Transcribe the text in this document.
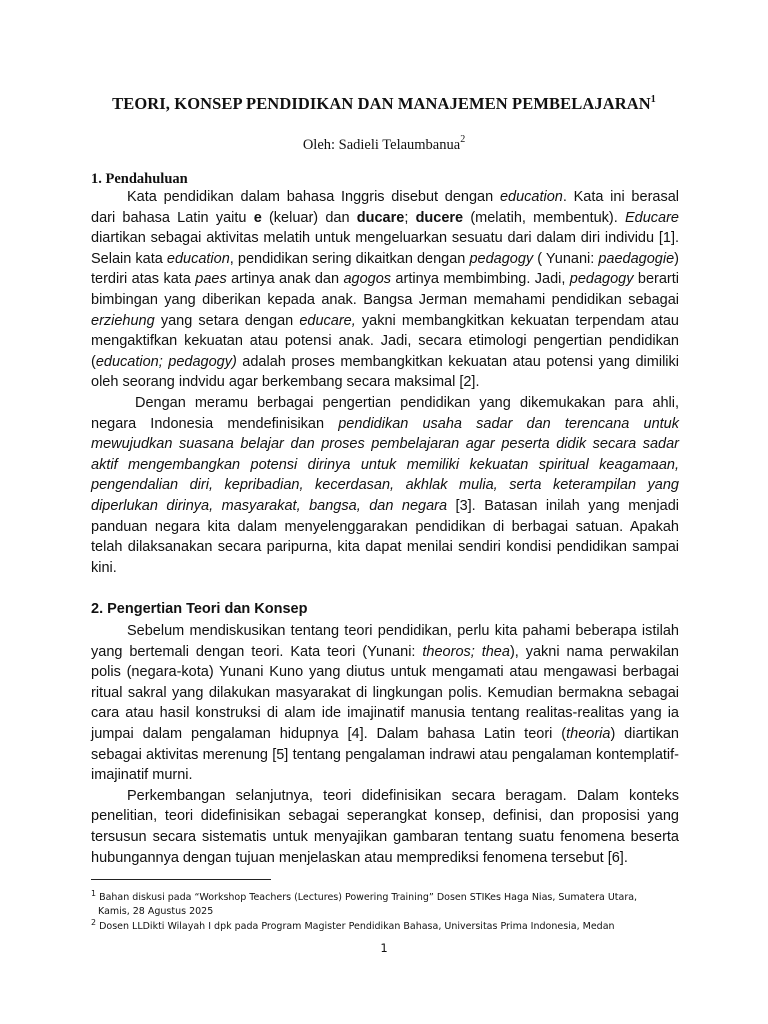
TEORI, KONSEP PENDIDIKAN DAN MANAJEMEN PEMBELAJARAN$^1$
Oleh: Sadieli Telaumbanua$^2$
1. Pendahuluan

Kata pendidikan dalam bahasa Inggris disebut dengan education. Kata ini berasal dari bahasa Latin yaitu e (keluar) dan ducare; ducere (melatih, membentuk). Educare diartikan sebagai aktivitas melatih untuk mengeluarkan sesuatu dari dalam diri individu [1]. Selain kata education, pendidikan sering dikaitkan dengan pedagogy ( Yunani: paedagogie) terdiri atas kata paes artinya anak dan agogos artinya membimbing. Jadi, pedagogy berarti bimbingan yang diberikan kepada anak. Bangsa Jerman memahami pendidikan sebagai erziehung yang setara dengan educare, yakni membangkitkan kekuatan terpendam atau mengaktifkan kekuatan atau potensi anak. Jadi, secara etimologi pengertian pendidikan (education; pedagogy) adalah proses membangkitkan kekuatan atau potensi yang dimiliki oleh seorang indvidu agar berkembang secara maksimal [2].

Dengan meramu berbagai pengertian pendidikan yang dikemukakan para ahli, negara Indonesia mendefinisikan pendidikan usaha sadar dan terencana untuk mewujudkan suasana belajar dan proses pembelajaran agar peserta didik secara sadar aktif mengembangkan potensi dirinya untuk memiliki kekuatan spiritual keagamaan, pengendalian diri, kepribadian, kecerdasan, akhlak mulia, serta keterampilan yang diperlukan dirinya, masyarakat, bangsa, dan negara [3]. Batasan inilah yang menjadi panduan negara kita dalam menyelenggarakan pendidikan di berbagai satuan. Apakah telah dilaksanakan secara paripurna, kita dapat menilai sendiri kondisi pendidikan sampai kini.

2. Pengertian Teori dan Konsep

Sebelum mendiskusikan tentang teori pendidikan, perlu kita pahami beberapa istilah yang bertemali dengan teori. Kata teori (Yunani: theoros; thea), yakni nama perwakilan polis (negara-kota) Yunani Kuno yang diutus untuk mengamati atau mengawasi berbagai ritual sakral yang dilakukan masyarakat di lingkungan polis. Kemudian bermakna sebagai cara atau hasil konstruksi di alam ide imajinatif manusia tentang realitas-realitas yang ia jumpai dalam pengalaman hidupnya [4]. Dalam bahasa Latin teori (theoria) diartikan sebagai aktivitas merenung [5] tentang pengalaman indrawi atau pengalaman kontemplatif-imajinatif murni.

Perkembangan selanjutnya, teori didefinisikan secara beragam. Dalam konteks penelitian, teori didefinisikan sebagai seperangkat konsep, definisi, dan proposisi yang tersusun secara sistematis untuk menyajikan gambaran tentang suatu fenomena beserta hubungannya dengan tujuan menjelaskan atau memprediksi fenomena tersebut [6].

$^1$ Bahan diskusi pada “Workshop Teachers (Lectures) Powering Training” Dosen STIKes Haga Nias, Sumatera Utara,
Kamis, 28 Agustus 2025
$^2$ Dosen LLDikti Wilayah I dpk pada Program Magister Pendidikan Bahasa, Universitas Prima Indonesia, Medan
1
